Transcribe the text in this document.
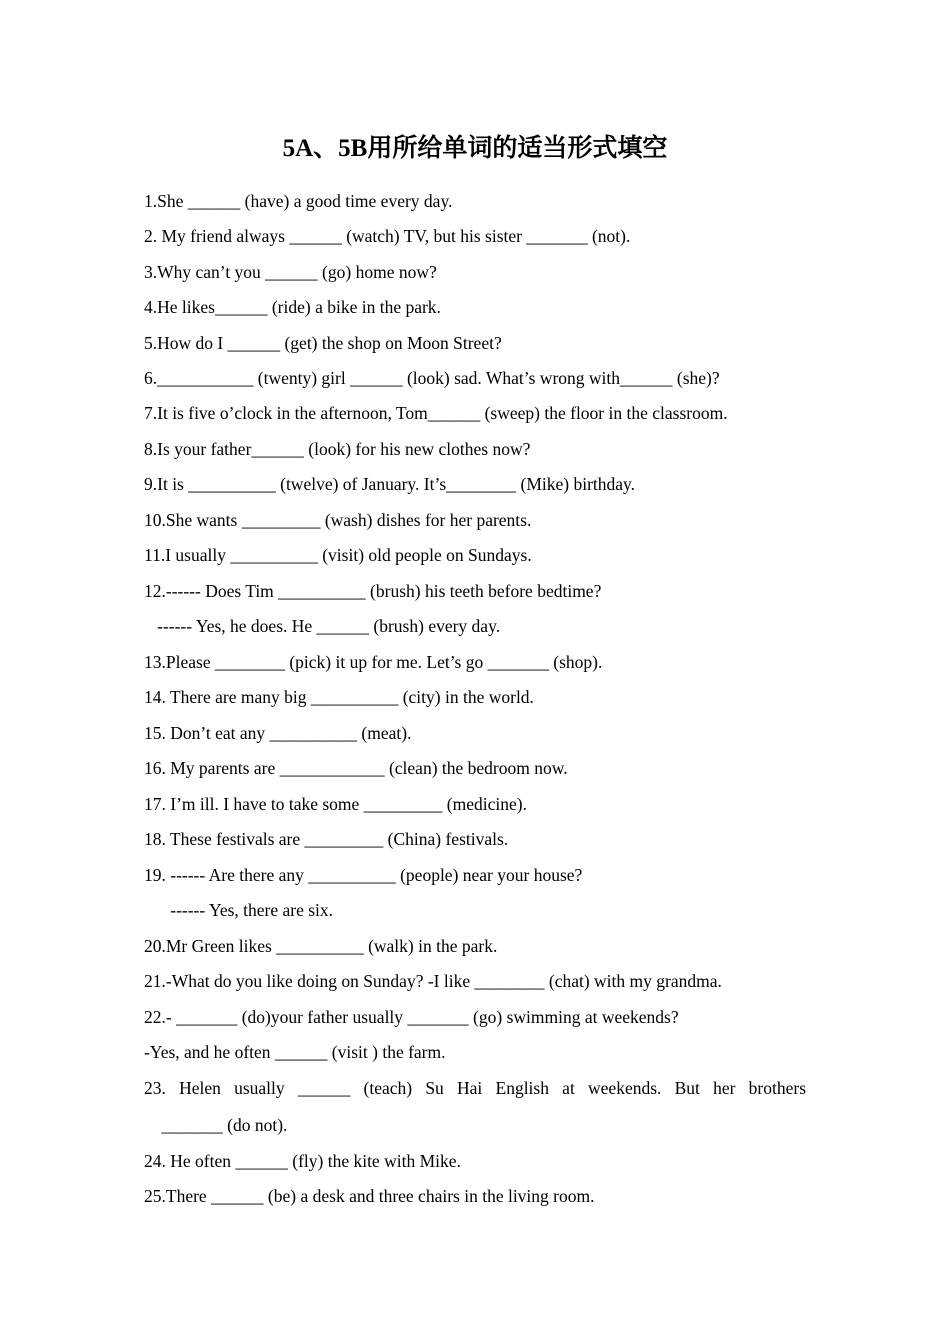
5A、5B用所给单词的适当形式填空
1.She ______ (have) a good time every day.
2. My friend always ______ (watch) TV, but his sister _______ (not).
3.Why can’t you ______ (go) home now?
4.He likes______ (ride) a bike in the park.
5.How do I ______ (get) the shop on Moon Street?
6.___________ (twenty) girl ______ (look) sad. What’s wrong with______ (she)?
7.It is five o’clock in the afternoon, Tom______ (sweep) the floor in the classroom.
8.Is your father______ (look) for his new clothes now?
9.It is __________ (twelve) of January. It’s________ (Mike) birthday.
10.She wants _________ (wash) dishes for her parents.
11.I usually __________ (visit) old people on Sundays.
12.------ Does Tim __________ (brush) his teeth before bedtime?
------ Yes, he does. He ______ (brush) every day.
13.Please ________ (pick) it up for me. Let’s go _______ (shop).
14. There are many big __________ (city) in the world.
15. Don’t eat any __________ (meat).
16. My parents are ____________ (clean) the bedroom now.
17. I’m ill. I have to take some _________ (medicine).
18. These festivals are _________ (China) festivals.
19. ------ Are there any __________ (people) near your house?
------ Yes, there are six.
20.Mr Green likes __________ (walk) in the park.
21.-What do you like doing on Sunday? -I like ________ (chat) with my grandma.
22.- _______ (do)your father usually _______ (go) swimming at weekends?
-Yes, and he often ______ (visit ) the farm.
23. Helen usually ______ (teach) Su Hai English at weekends. But her brothers
_______ (do not).
24. He often ______ (fly) the kite with Mike.
25.There ______ (be) a desk and three chairs in the living room.
